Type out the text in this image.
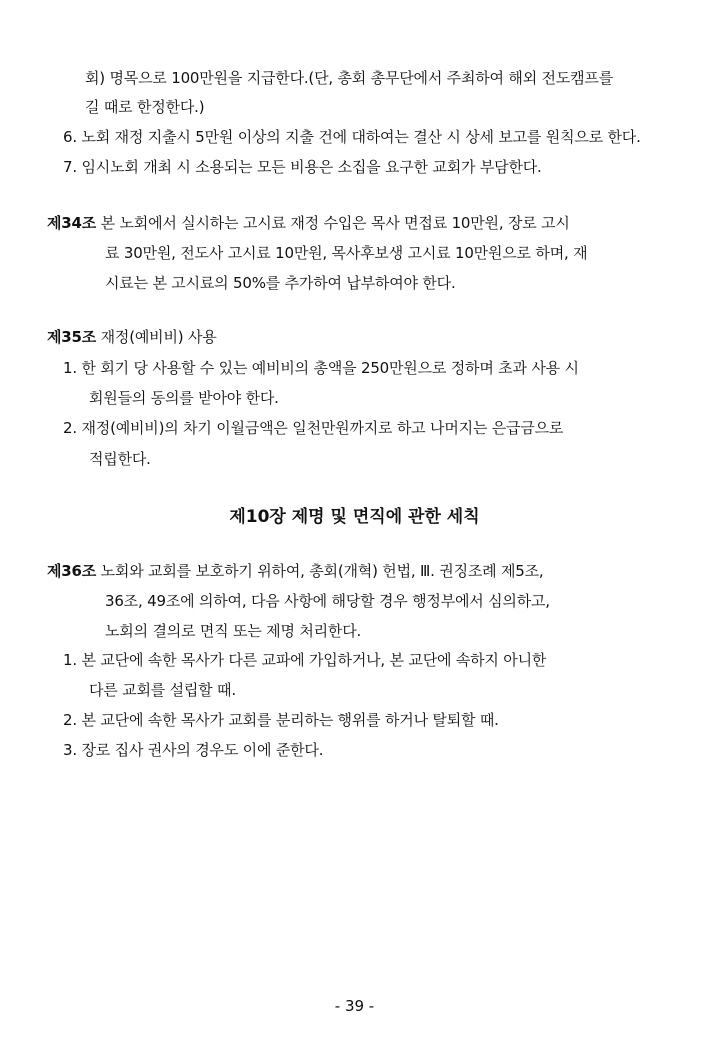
회) 명목으로 100만원을 지급한다.(단, 총회 총무단에서 주최하여 해외 전도캠프를
길 때로 한정한다.)
6. 노회 재정 지출시 5만원 이상의 지출 건에 대하여는 결산 시 상세 보고를 원칙으로 한다.
7. 임시노회 개최 시 소용되는 모든 비용은 소집을 요구한 교회가 부담한다.
제34조 본 노회에서 실시하는 고시료 재정 수입은 목사 면접료 10만원, 장로 고시
료 30만원, 전도사 고시료 10만원, 목사후보생 고시료 10만원으로 하며, 재
시료는 본 고시료의 50%를 추가하여 납부하여야 한다.
제35조 재정(예비비) 사용
1. 한 회기 당 사용할 수 있는 예비비의 총액을 250만원으로 정하며 초과 사용 시
회원들의 동의를 받아야 한다.
2. 재정(예비비)의 차기 이월금액은 일천만원까지로 하고 나머지는 은급금으로
적립한다.
제10장 제명 및 면직에 관한 세칙
제36조 노회와 교회를 보호하기 위하여, 총회(개혁) 헌법, Ⅲ. 권징조례 제5조,
36조, 49조에 의하여, 다음 사항에 해당할 경우 행정부에서 심의하고,
노회의 결의로 면직 또는 제명 처리한다.
1. 본 교단에 속한 목사가 다른 교파에 가입하거나, 본 교단에 속하지 아니한
다른 교회를 설립할 때.
2. 본 교단에 속한 목사가 교회를 분리하는 행위를 하거나 탈퇴할 때.
3. 장로 집사 권사의 경우도 이에 준한다.
- 39 -
